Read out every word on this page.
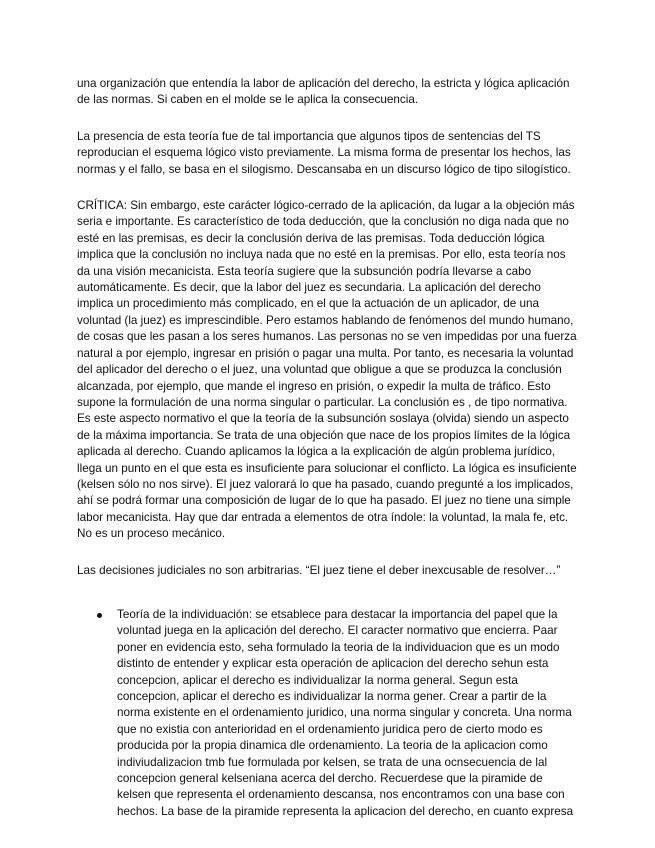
una organización que entendía la labor de aplicación del derecho, la estricta y lógica aplicación de las normas. Si caben en el molde se le aplica la consecuencia.

La presencia de esta teoría fue de tal importancia que algunos tipos de sentencias del TS reproducian el esquema lógico visto previamente. La misma forma de presentar los hechos, las normas y el fallo, se basa en el silogismo. Descansaba en un discurso lógico de tipo silogístico.

CRÍTICA: Sin embargo, este carácter lógico-cerrado de la aplicación, da lugar a la objeción más seria e importante. Es característico de toda deducción, que la conclusión no diga nada que no esté en las premisas, es decir la conclusión deriva de las premisas. Toda deducción lógica implica que la conclusión no incluya nada que no esté en la premisas. Por ello, esta teoría nos da una visión mecanicista. Esta teoría sugiere que la subsunción podría llevarse a cabo automáticamente. Es decir, que la labor del juez es secundaria. La aplicación del derecho implica un procedimiento más complicado, en el que la actuación de un aplicador, de una voluntad (la juez) es imprescindible. Pero estamos hablando de fenómenos del mundo humano, de cosas que les pasan a los seres humanos. Las personas no se ven impedidas por una fuerza natural a por ejemplo, ingresar en prisión o pagar una multa. Por tanto, es necesaria la voluntad del aplicador del derecho o el juez, una voluntad que obligue a que se produzca la conclusión alcanzada, por ejemplo, que mande el ingreso en prisión, o expedir la multa de tráfico. Esto supone la formulación de una norma singular o particular. La conclusión es , de tipo normativa. Es este aspecto normativo el que la teoría de la subsunción soslaya (olvida) siendo un aspecto de la máxima importancia. Se trata de una objeción que nace de los propios límites de la lógica aplicada al derecho. Cuando aplicamos la lógica a la explicación de algún problema jurídico, llega un punto en el que esta es insuficiente para solucionar el conflicto. La lógica es insuficiente (kelsen sólo no nos sirve). El juez valorará lo que ha pasado, cuando pregunté a los implicados, ahí se podrá formar una composición de lugar de lo que ha pasado. El juez no tiene una simple labor mecanicista. Hay que dar entrada a elementos de otra índole: la voluntad, la mala fe, etc. No es un proceso mecánico.

Las decisiones judiciales no son arbitrarias. “El juez tiene el deber inexcusable de resolver…”

Teoría de la individuación: se etsablece para destacar la importancia del papel que la voluntad juega en la aplicación del derecho. El caracter normativo que encierra. Paar poner en evidencia esto, seha formulado la teoria de la individuacion que es un modo distinto de entender y explicar esta operación de aplicacion del derecho sehun esta concepcion, aplicar el derecho es individualizar la norma general. Segun esta concepcion, aplicar el derecho es individualizar la norma gener. Crear a partir de la norma existente en el ordenamiento juridico, una norma singular y concreta. Una norma que no existia con anterioridad en el ordenamiento juridica pero de cierto modo es producida por la propia dinamica dle ordenamiento. La teoria de la aplicacion como indiviudalizacion tmb fue formulada por kelsen, se trata de una ocnsecuencia de lal concepcion general kelseniana acerca del dercho. Recuerdese que la piramide de kelsen que representa el ordenamiento descansa, nos encontramos con una base con hechos. La base de la piramide representa la aplicacion del derecho, en cuanto expresa
